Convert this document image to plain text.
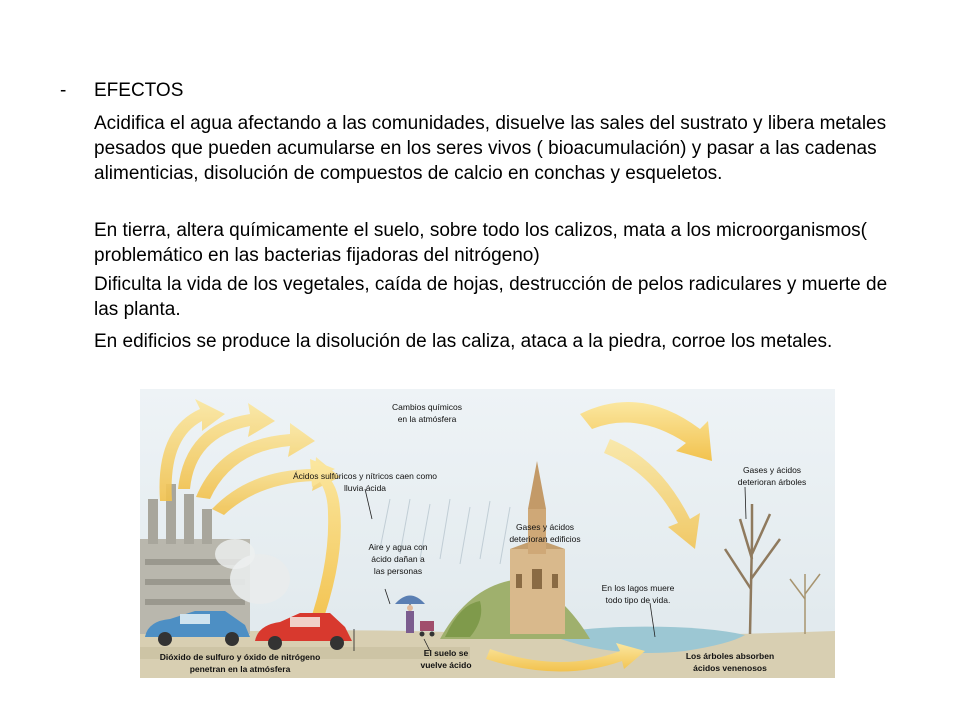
- EFECTOS
Acidifica el agua afectando a las comunidades, disuelve las sales del sustrato y libera metales pesados que pueden acumularse en los seres vivos ( bioacumulación) y pasar a las cadenas alimenticias, disolución de compuestos de calcio en conchas y esqueletos.
En tierra, altera químicamente el suelo, sobre todo los calizos, mata a los microorganismos( problemático en las bacterias fijadoras del nitrógeno)
Dificulta la vida de los vegetales, caída de hojas, destrucción de pelos radiculares y muerte de las planta.
En edificios se produce la disolución de las caliza, ataca a la piedra, corroe los metales.
Cambios químicos
en la atmósfera
Ácidos sulfúricos y nítricos caen como
lluvia ácida
Gases y ácidos
deterioran árboles
Gases y ácidos
deterioran edificios
Aire y agua con
ácido dañan a
las personas
En los lagos muere
todo tipo de vida.
Dióxido de sulfuro y óxido de nitrógeno
penetran en la atmósfera
El suelo se
vuelve ácido
Los árboles absorben
ácidos venenosos
